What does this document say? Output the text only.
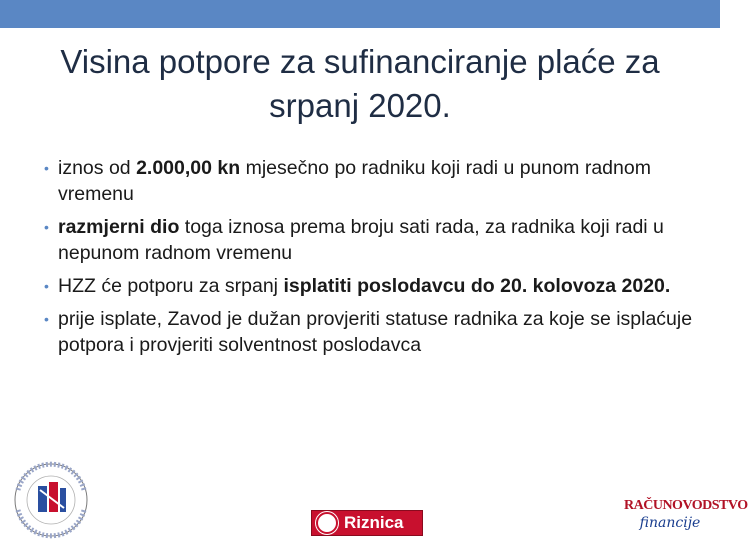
Visina potpore za sufinanciranje plaće za
srpanj 2020.
• iznos od 2.000,00 kn mjesečno po radniku koji radi u punom radnom vremenu
• razmjerni dio toga iznosa prema broju sati rada, za radnika koji radi u nepunom radnom vremenu
• HZZ će potporu za srpanj isplatiti poslodavcu do 20. kolovoza 2020.
• prije isplate, Zavod je dužan provjeriti statuse radnika za koje se isplaćuje potpora i provjeriti solventnost poslodavca
Riznica
RAČUNOVODSTVO
financije
